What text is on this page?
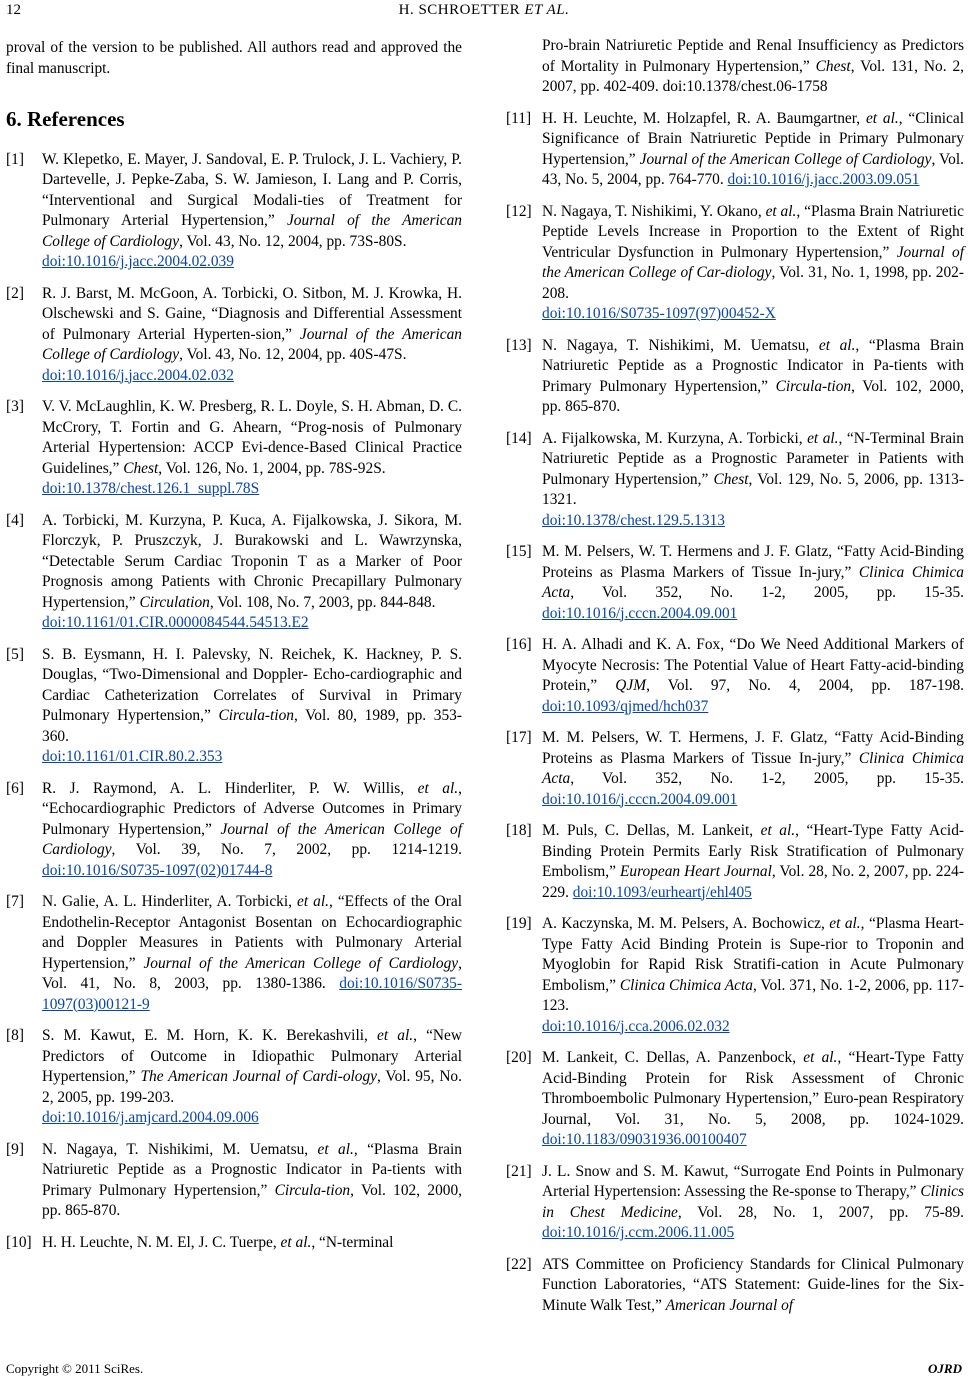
12	H. SCHROETTER ET AL.

proval of the version to be published. All authors read and approved the final manuscript.

6. References
[1] W. Klepetko, E. Mayer, J. Sandoval, E. P. Trulock, J. L. Vachiery, P. Dartevelle, J. Pepke-Zaba, S. W. Jamieson, I. Lang and P. Corris, “Interventional and Surgical Modali-ties of Treatment for Pulmonary Arterial Hypertension,” Journal of the American College of Cardiology, Vol. 43, No. 12, 2004, pp. 73S-80S.
doi:10.1016/j.jacc.2004.02.039
[2] R. J. Barst, M. McGoon, A. Torbicki, O. Sitbon, M. J. Krowka, H. Olschewski and S. Gaine, “Diagnosis and Differential Assessment of Pulmonary Arterial Hyperten-sion,” Journal of the American College of Cardiology, Vol. 43, No. 12, 2004, pp. 40S-47S.
doi:10.1016/j.jacc.2004.02.032
[3] V. V. McLaughlin, K. W. Presberg, R. L. Doyle, S. H. Abman, D. C. McCrory, T. Fortin and G. Ahearn, “Prog-nosis of Pulmonary Arterial Hypertension: ACCP Evi-dence-Based Clinical Practice Guidelines,” Chest, Vol. 126, No. 1, 2004, pp. 78S-92S.
doi:10.1378/chest.126.1_suppl.78S
[4] A. Torbicki, M. Kurzyna, P. Kuca, A. Fijalkowska, J. Sikora, M. Florczyk, P. Pruszczyk, J. Burakowski and L. Wawrzynska, “Detectable Serum Cardiac Troponin T as a Marker of Poor Prognosis among Patients with Chronic Precapillary Pulmonary Hypertension,” Circulation, Vol. 108, No. 7, 2003, pp. 844-848.
doi:10.1161/01.CIR.0000084544.54513.E2
[5] S. B. Eysmann, H. I. Palevsky, N. Reichek, K. Hackney, P. S. Douglas, “Two-Dimensional and Doppler- Echo-cardiographic and Cardiac Catheterization Correlates of Survival in Primary Pulmonary Hypertension,” Circula-tion, Vol. 80, 1989, pp. 353-360.
doi:10.1161/01.CIR.80.2.353
[6] R. J. Raymond, A. L. Hinderliter, P. W. Willis, et al., “Echocardiographic Predictors of Adverse Outcomes in Primary Pulmonary Hypertension,” Journal of the American College of Cardiology, Vol. 39, No. 7, 2002, pp. 1214-1219. doi:10.1016/S0735-1097(02)01744-8
[7] N. Galie, A. L. Hinderliter, A. Torbicki, et al., “Effects of the Oral Endothelin-Receptor Antagonist Bosentan on Echocardiographic and Doppler Measures in Patients with Pulmonary Arterial Hypertension,” Journal of the American College of Cardiology, Vol. 41, No. 8, 2003, pp. 1380-1386. doi:10.1016/S0735-1097(03)00121-9
[8] S. M. Kawut, E. M. Horn, K. K. Berekashvili, et al., “New Predictors of Outcome in Idiopathic Pulmonary Arterial Hypertension,” The American Journal of Cardi-ology, Vol. 95, No. 2, 2005, pp. 199-203.
doi:10.1016/j.amjcard.2004.09.006
[9] N. Nagaya, T. Nishikimi, M. Uematsu, et al., “Plasma Brain Natriuretic Peptide as a Prognostic Indicator in Pa-tients with Primary Pulmonary Hypertension,” Circula-tion, Vol. 102, 2000, pp. 865-870.
[10] H. H. Leuchte, N. M. El, J. C. Tuerpe, et al., “N-terminal
Pro-brain Natriuretic Peptide and Renal Insufficiency as Predictors of Mortality in Pulmonary Hypertension,” Chest, Vol. 131, No. 2, 2007, pp. 402-409. doi:10.1378/chest.06-1758
[11] H. H. Leuchte, M. Holzapfel, R. A. Baumgartner, et al., “Clinical Significance of Brain Natriuretic Peptide in Primary Pulmonary Hypertension,” Journal of the American College of Cardiology, Vol. 43, No. 5, 2004, pp. 764-770. doi:10.1016/j.jacc.2003.09.051
[12] N. Nagaya, T. Nishikimi, Y. Okano, et al., “Plasma Brain Natriuretic Peptide Levels Increase in Proportion to the Extent of Right Ventricular Dysfunction in Pulmonary Hypertension,” Journal of the American College of Car-diology, Vol. 31, No. 1, 1998, pp. 202-208.
doi:10.1016/S0735-1097(97)00452-X
[13] N. Nagaya, T. Nishikimi, M. Uematsu, et al., “Plasma Brain Natriuretic Peptide as a Prognostic Indicator in Pa-tients with Primary Pulmonary Hypertension,” Circula-tion, Vol. 102, 2000, pp. 865-870.
[14] A. Fijalkowska, M. Kurzyna, A. Torbicki, et al., “N-Terminal Brain Natriuretic Peptide as a Prognostic Parameter in Patients with Pulmonary Hypertension,” Chest, Vol. 129, No. 5, 2006, pp. 1313-1321.
doi:10.1378/chest.129.5.1313
[15] M. M. Pelsers, W. T. Hermens and J. F. Glatz, “Fatty Acid-Binding Proteins as Plasma Markers of Tissue In-jury,” Clinica Chimica Acta, Vol. 352, No. 1-2, 2005, pp. 15-35. doi:10.1016/j.cccn.2004.09.001
[16] H. A. Alhadi and K. A. Fox, “Do We Need Additional Markers of Myocyte Necrosis: The Potential Value of Heart Fatty-acid-binding Protein,” QJM, Vol. 97, No. 4, 2004, pp. 187-198. doi:10.1093/qjmed/hch037
[17] M. M. Pelsers, W. T. Hermens, J. F. Glatz, “Fatty Acid-Binding Proteins as Plasma Markers of Tissue In-jury,” Clinica Chimica Acta, Vol. 352, No. 1-2, 2005, pp. 15-35. doi:10.1016/j.cccn.2004.09.001
[18] M. Puls, C. Dellas, M. Lankeit, et al., “Heart-Type Fatty Acid-Binding Protein Permits Early Risk Stratification of Pulmonary Embolism,” European Heart Journal, Vol. 28, No. 2, 2007, pp. 224-229. doi:10.1093/eurheartj/ehl405
[19] A. Kaczynska, M. M. Pelsers, A. Bochowicz, et al., “Plasma Heart-Type Fatty Acid Binding Protein is Supe-rior to Troponin and Myoglobin for Rapid Risk Stratifi-cation in Acute Pulmonary Embolism,” Clinica Chimica Acta, Vol. 371, No. 1-2, 2006, pp. 117-123.
doi:10.1016/j.cca.2006.02.032
[20] M. Lankeit, C. Dellas, A. Panzenbock, et al., “Heart-Type Fatty Acid-Binding Protein for Risk Assessment of Chronic Thromboembolic Pulmonary Hypertension,” Euro-pean Respiratory Journal, Vol. 31, No. 5, 2008, pp. 1024-1029. doi:10.1183/09031936.00100407
[21] J. L. Snow and S. M. Kawut, “Surrogate End Points in Pulmonary Arterial Hypertension: Assessing the Re-sponse to Therapy,” Clinics in Chest Medicine, Vol. 28, No. 1, 2007, pp. 75-89. doi:10.1016/j.ccm.2006.11.005
[22] ATS Committee on Proficiency Standards for Clinical Pulmonary Function Laboratories, “ATS Statement: Guide-lines for the Six-Minute Walk Test,” American Journal of
Copyright © 2011 SciRes.	OJRD
